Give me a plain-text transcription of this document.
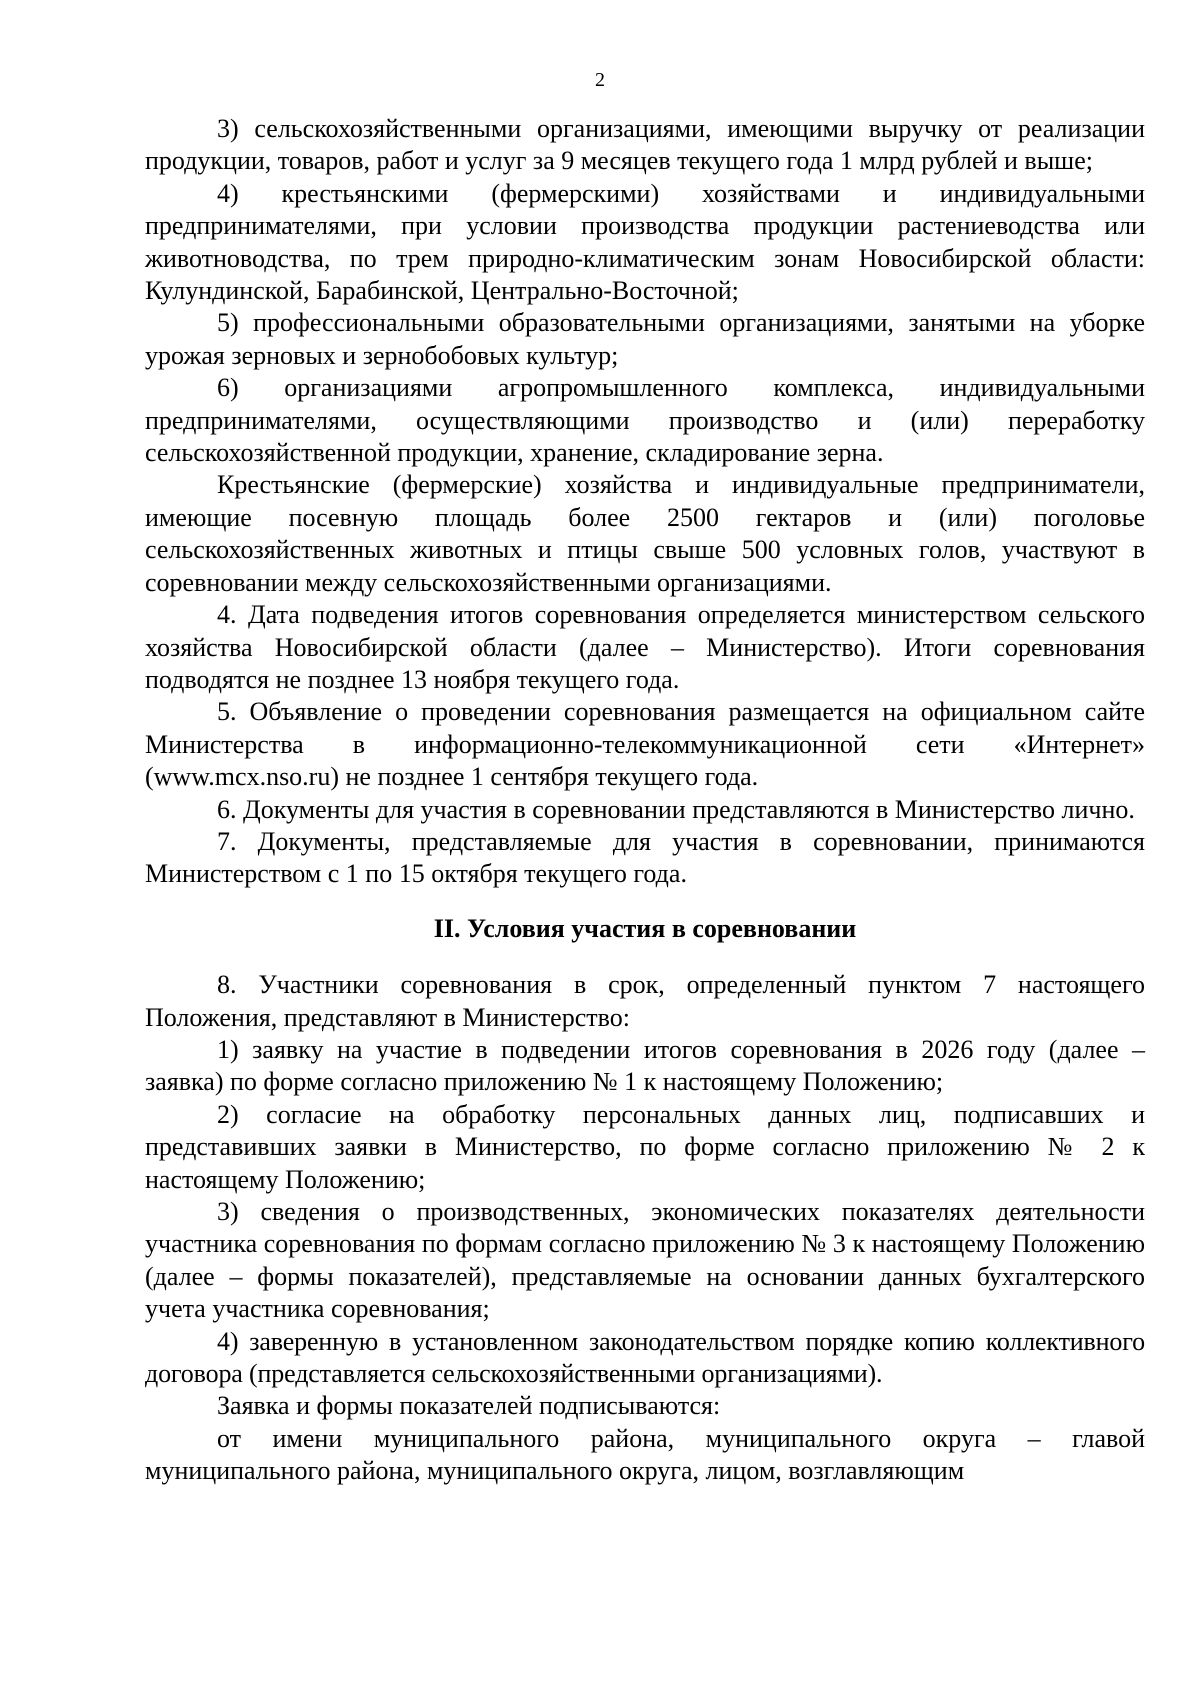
2

3) сельскохозяйственными организациями, имеющими выручку от реализации продукции, товаров, работ и услуг за 9 месяцев текущего года 1 млрд рублей и выше;

4) крестьянскими (фермерскими) хозяйствами и индивидуальными предпринимателями, при условии производства продукции растениеводства или животноводства, по трем природно-климатическим зонам Новосибирской области: Кулундинской, Барабинской, Центрально-Восточной;

5) профессиональными образовательными организациями, занятыми на уборке урожая зерновых и зернобобовых культур;

6) организациями агропромышленного комплекса, индивидуальными предпринимателями, осуществляющими производство и (или) переработку сельскохозяйственной продукции, хранение, складирование зерна.

Крестьянские (фермерские) хозяйства и индивидуальные предприниматели, имеющие посевную площадь более 2500 гектаров и (или) поголовье сельскохозяйственных животных и птицы свыше 500 условных голов, участвуют в соревновании между сельскохозяйственными организациями.

4. Дата подведения итогов соревнования определяется министерством сельского хозяйства Новосибирской области (далее – Министерство). Итоги соревнования подводятся не позднее 13 ноября текущего года.

5. Объявление о проведении соревнования размещается на официальном сайте Министерства в информационно-телекоммуникационной сети «Интернет» (www.mcx.nso.ru) не позднее 1 сентября текущего года.

6. Документы для участия в соревновании представляются в Министерство лично.

7. Документы, представляемые для участия в соревновании, принимаются Министерством с 1 по 15 октября текущего года.

II. Условия участия в соревновании

8. Участники соревнования в срок, определенный пунктом 7 настоящего Положения, представляют в Министерство:

1) заявку на участие в подведении итогов соревнования в 2026 году (далее – заявка) по форме согласно приложению № 1 к настоящему Положению;

2) согласие на обработку персональных данных лиц, подписавших и представивших заявки в Министерство, по форме согласно приложению № 2 к настоящему Положению;

3) сведения о производственных, экономических показателях деятельности участника соревнования по формам согласно приложению № 3 к настоящему Положению (далее – формы показателей), представляемые на основании данных бухгалтерского учета участника соревнования;

4) заверенную в установленном законодательством порядке копию коллективного договора (представляется сельскохозяйственными организациями).

Заявка и формы показателей подписываются:

от имени муниципального района, муниципального округа – главой муниципального района, муниципального округа, лицом, возглавляющим
